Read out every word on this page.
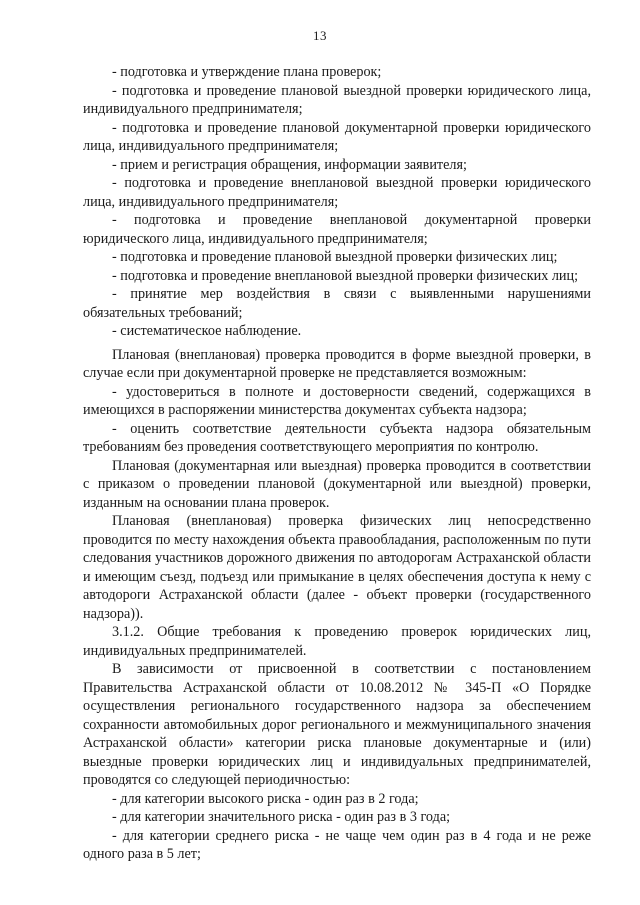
13

- подготовка и утверждение плана проверок;

- подготовка и проведение плановой выездной проверки юридического лица, индивидуального предпринимателя;

- подготовка и проведение плановой документарной проверки юридического лица, индивидуального предпринимателя;

- прием и регистрация обращения, информации заявителя;

- подготовка и проведение внеплановой выездной проверки юридического лица, индивидуального предпринимателя;

- подготовка и проведение внеплановой документарной проверки юридического лица, индивидуального предпринимателя;

- подготовка и проведение плановой выездной проверки физических лиц;

- подготовка и проведение внеплановой выездной проверки физических лиц;

- принятие мер воздействия в связи с выявленными нарушениями обязательных требований;

- систематическое наблюдение.

Плановая (внеплановая) проверка проводится в форме выездной проверки, в случае если при документарной проверке не представляется возможным:

- удостовериться в полноте и достоверности сведений, содержащихся в имеющихся в распоряжении министерства документах субъекта надзора;

- оценить соответствие деятельности субъекта надзора обязательным требованиям без проведения соответствующего мероприятия по контролю.

Плановая (документарная или выездная) проверка проводится в соответствии с приказом о проведении плановой (документарной или выездной) проверки, изданным на основании плана проверок.

Плановая (внеплановая) проверка физических лиц непосредственно проводится по месту нахождения объекта правообладания, расположенным по пути следования участников дорожного движения по автодорогам Астраханской области и имеющим съезд, подъезд или примыкание в целях обеспечения доступа к нему с автодороги Астраханской области (далее - объект проверки (государственного надзора)).

3.1.2. Общие требования к проведению проверок юридических лиц, индивидуальных предпринимателей.

В зависимости от присвоенной в соответствии с постановлением Правительства Астраханской области от 10.08.2012 № 345-П «О Порядке осуществления регионального государственного надзора за обеспечением сохранности автомобильных дорог регионального и межмуниципального значения Астраханской области» категории риска плановые документарные и (или) выездные проверки юридических лиц и индивидуальных предпринимателей, проводятся со следующей периодичностью:

- для категории высокого риска - один раз в 2 года;

- для категории значительного риска - один раз в 3 года;

- для категории среднего риска - не чаще чем один раз в 4 года и не реже одного раза в 5 лет;
